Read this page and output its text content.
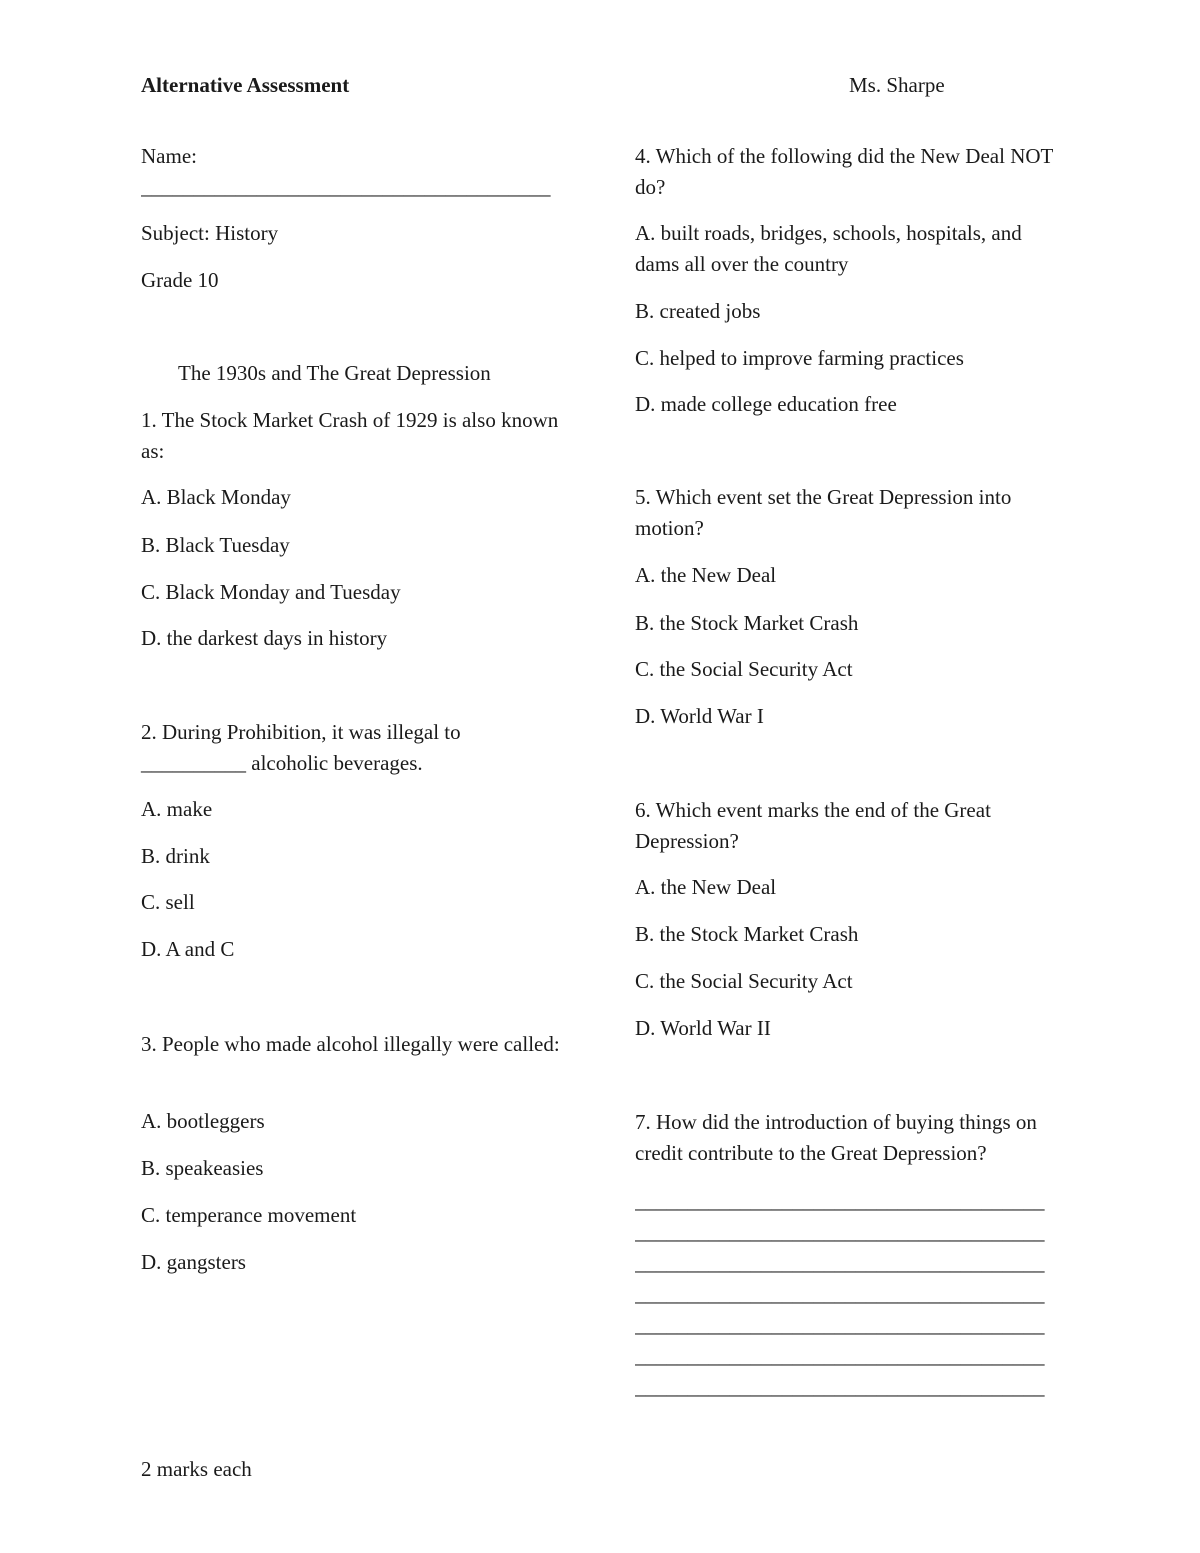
Alternative Assessment	Ms. Sharpe
Name:
_______________________________________
Subject: History
Grade 10
The 1930s and The Great Depression
1. The Stock Market Crash of 1929 is also known as:
A. Black Monday
B. Black Tuesday
C. Black Monday and Tuesday
D. the darkest days in history
2. During Prohibition, it was illegal to
__________ alcoholic beverages.
A. make
B. drink
C. sell
D. A and C
3. People who made alcohol illegally were called:
A. bootleggers
B. speakeasies
C. temperance movement
D. gangsters
4. Which of the following did the New Deal NOT do?
A. built roads, bridges, schools, hospitals, and dams all over the country
B. created jobs
C. helped to improve farming practices
D. made college education free
5. Which event set the Great Depression into motion?
A. the New Deal
B. the Stock Market Crash
C. the Social Security Act
D. World War I
6. Which event marks the end of the Great Depression?
A. the New Deal
B. the Stock Market Crash
C. the Social Security Act
D. World War II
7. How did the introduction of buying things on credit contribute to the Great Depression?
_______________________________________
_______________________________________
_______________________________________
_______________________________________
_______________________________________
_______________________________________
_______________________________________
2 marks each
